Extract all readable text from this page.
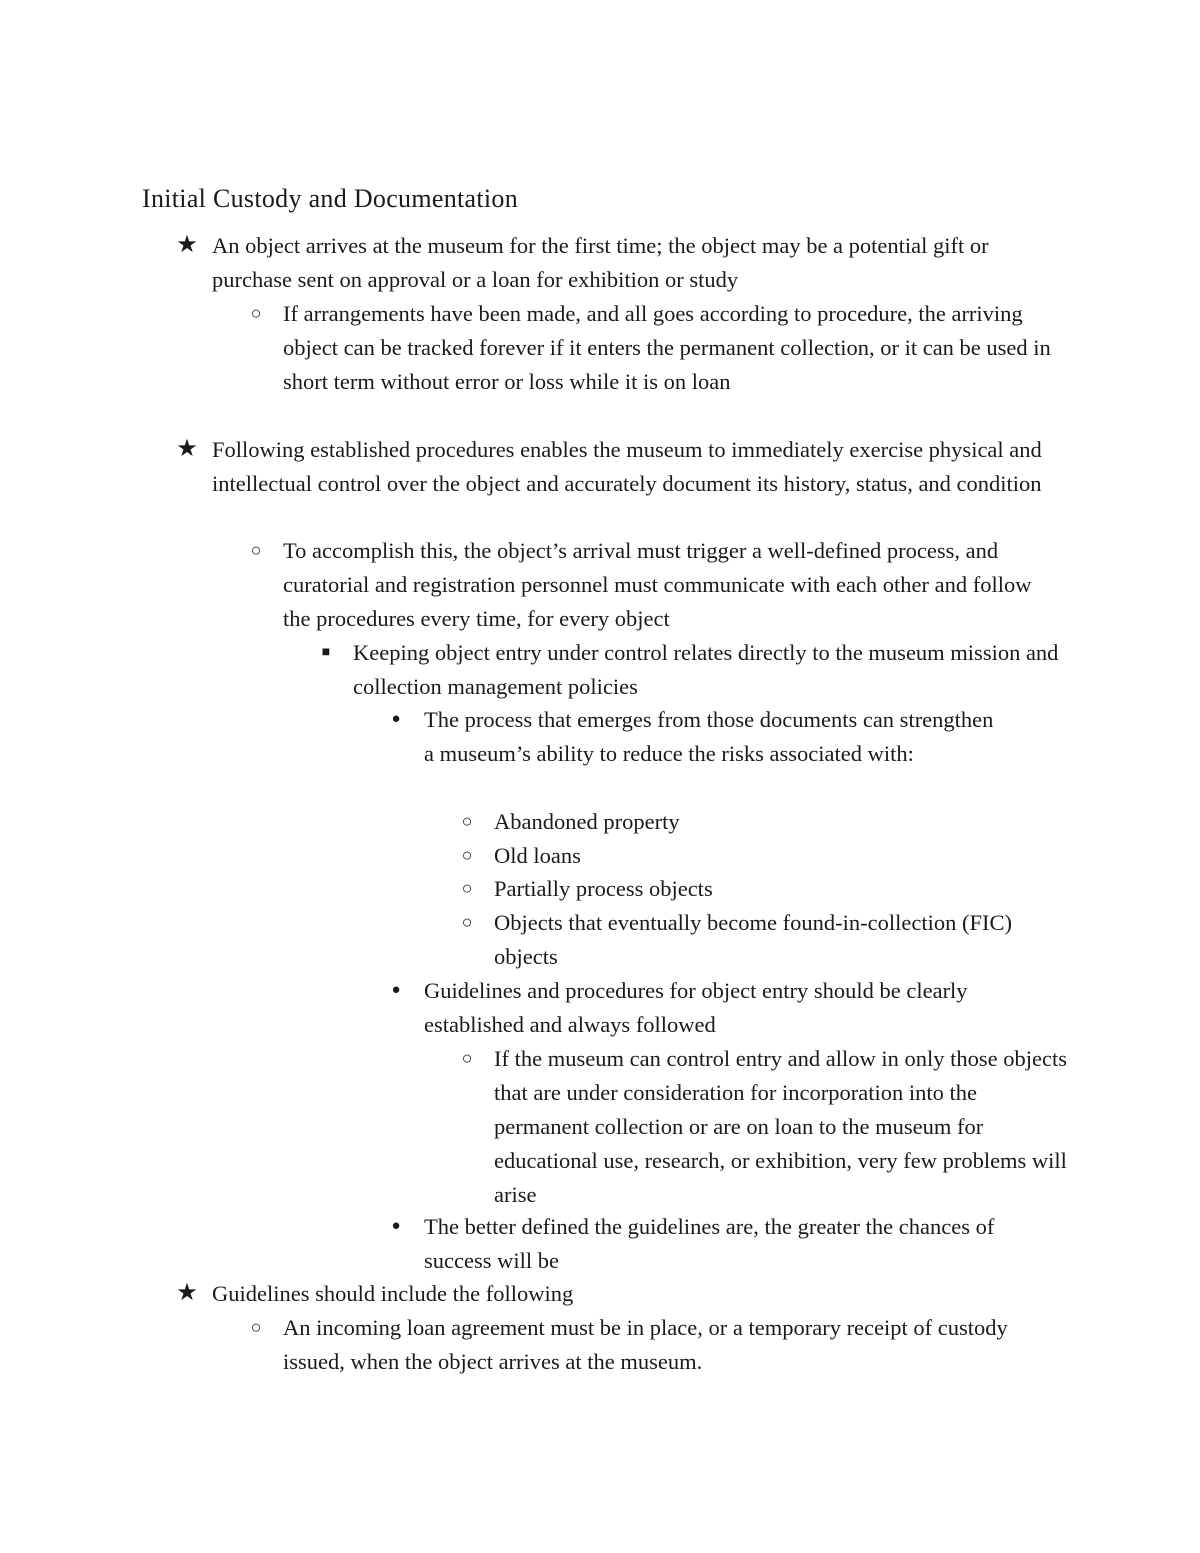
Initial Custody and Documentation
★ An object arrives at the museum for the first time; the object may be a potential gift or purchase sent on approval or a loan for exhibition or study

○ If arrangements have been made, and all goes according to procedure, the arriving object can be tracked forever if it enters the permanent collection, or it can be used in short term without error or loss while it is on loan

★ Following established procedures enables the museum to immediately exercise physical and intellectual control over the object and accurately document its history, status, and condition

○ To accomplish this, the object’s arrival must trigger a well-defined process, and curatorial and registration personnel must communicate with each other and follow the procedures every time, for every object

■	Keeping object entry under control relates directly to the museum mission and collection management policies

●	The process that emerges from those documents can strengthen a museum’s ability to reduce the risks associated with:

○ Abandoned property

○ Old loans

○ Partially process objects

○ Objects that eventually become found-in-collection (FIC) objects

●	Guidelines and procedures for object entry should be clearly established and always followed

○ If the museum can control entry and allow in only those objects that are under consideration for incorporation into the permanent collection or are on loan to the museum for educational use, research, or exhibition, very few problems will arise

●	The better defined the guidelines are, the greater the chances of success will be

★ Guidelines should include the following

○ An incoming loan agreement must be in place, or a temporary receipt of custody issued, when the object arrives at the museum.
